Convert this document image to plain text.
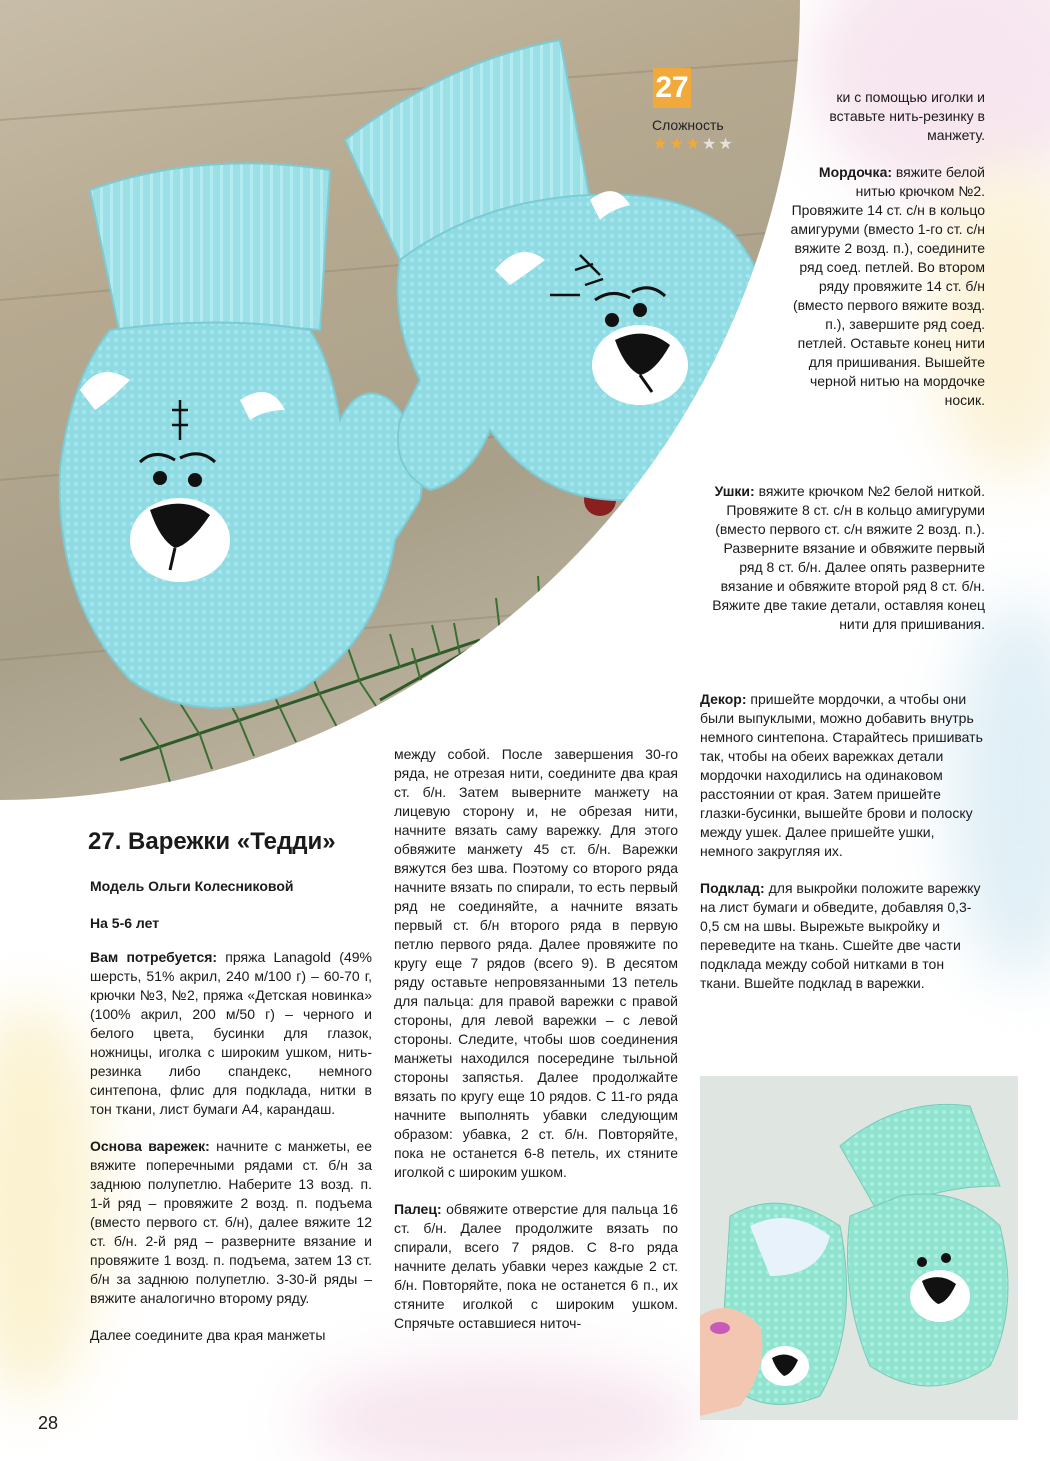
27
Сложность
★★★★★

ки с помощью иголки и вставьте нить-резинку в манжету.

Мордочка: вяжите белой нитью крючком №2. Провяжите 14 ст. с/н в кольцо амигуруми (вместо 1-го ст. с/н вяжите 2 возд. п.), соедините ряд соед. петлей. Во втором ряду провяжите 14 ст. б/н (вместо первого вяжите возд. п.), завершите ряд соед. петлей. Оставьте конец нити для пришивания. Вышейте черной нитью на мордочке носик.

Ушки: вяжите крючком №2 белой ниткой. Провяжите 8 ст. с/н в кольцо амигуруми (вместо первого ст. с/н вяжите 2 возд. п.). Разверните вязание и обвяжите первый ряд 8 ст. б/н. Далее опять разверните вязание и обвяжите второй ряд 8 ст. б/н. Вяжите две такие детали, оставляя конец нити для пришивания.

Декор: пришейте мордочки, а чтобы они были выпуклыми, можно добавить внутрь немного синтепона. Старайтесь пришивать так, чтобы на обеих варежках детали мордочки находились на одинаковом расстоянии от края. Затем пришейте глазки-бусинки, вышейте брови и полоску между ушек. Далее пришейте ушки, немного закругляя их.

Подклад: для выкройки положите варежку на лист бумаги и обведите, добавляя 0,3-0,5 см на швы. Вырежьте выкройку и переведите на ткань. Сшейте две части подклада между собой нитками в тон ткани. Вшейте подклад в варежки.

между собой. После завершения 30-го ряда, не отрезая нити, соедините два края ст. б/н. Затем выверните манжету на лицевую сторону и, не обрезая нити, начните вязать саму варежку. Для этого обвяжите манжету 45 ст. б/н. Варежки вяжутся без шва. Поэтому со второго ряда начните вязать по спирали, то есть первый ряд не соединяйте, а начните вязать первый ст. б/н второго ряда в первую петлю первого ряда. Далее провяжите по кругу еще 7 рядов (всего 9). В десятом ряду оставьте непровязанными 13 петель для пальца: для правой варежки с правой стороны, для левой варежки – с левой стороны. Следите, чтобы шов соединения манжеты находился посередине тыльной стороны запястья. Далее продолжайте вязать по кругу еще 10 рядов. С 11-го ряда начните выполнять убавки следующим образом: убавка, 2 ст. б/н. Повторяйте, пока не останется 6-8 петель, их стяните иголкой с широким ушком.

Палец: обвяжите отверстие для пальца 16 ст. б/н. Далее продолжите вязать по спирали, всего 7 рядов. С 8-го ряда начните делать убавки через каждые 2 ст. б/н. Повторяйте, пока не останется 6 п., их стяните иголкой с широким ушком. Спрячьте оставшиеся ниточ-

27. Варежки «Тедди»
Модель Ольги Колесниковой
На 5-6 лет

Вам потребуется: пряжа Lanagold (49% шерсть, 51% акрил, 240 м/100 г) – 60-70 г, крючки №3, №2, пряжа «Детская новинка» (100% акрил, 200 м/50 г) – черного и белого цвета, бусинки для глазок, ножницы, иголка с широким ушком, нить-резинка либо спандекс, немного синтепона, флис для подклада, нитки в тон ткани, лист бумаги А4, карандаш.

Основа варежек: начните с манжеты, ее вяжите поперечными рядами ст. б/н за заднюю полупетлю. Наберите 13 возд. п. 1-й ряд – провяжите 2 возд. п. подъема (вместо первого ст. б/н), далее вяжите 12 ст. б/н. 2-й ряд – разверните вязание и провяжите 1 возд. п. подъема, затем 13 ст. б/н за заднюю полупетлю. 3-30-й ряды – вяжите аналогично второму ряду.

Далее соедините два края манжеты

28
